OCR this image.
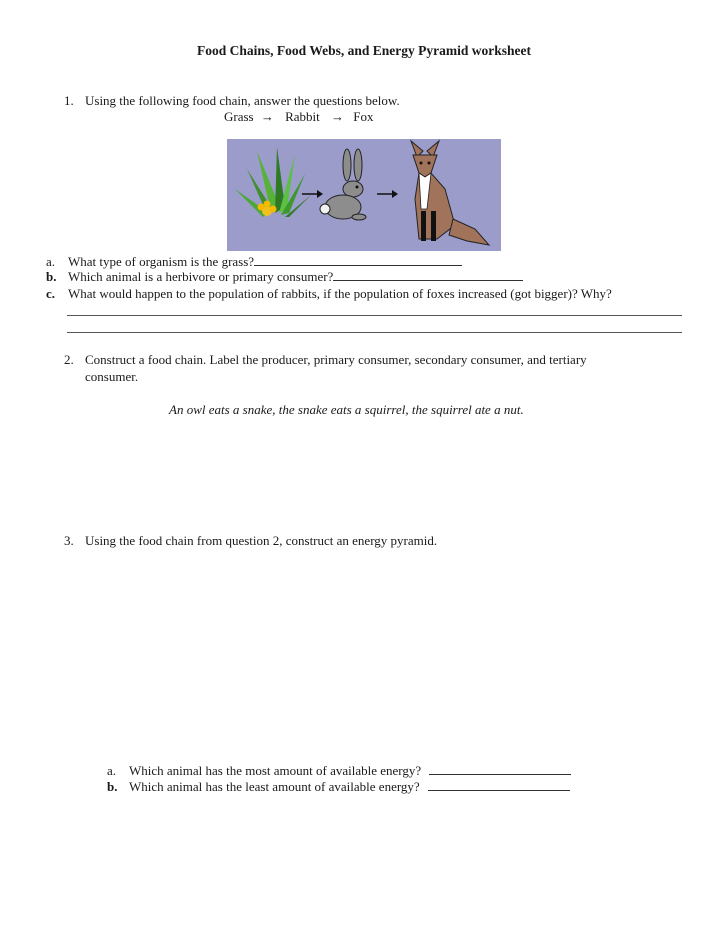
Food Chains, Food Webs, and Energy Pyramid worksheet
1. Using the following food chain, answer the questions below.
Grass → Rabbit → Fox
a. What type of organism is the grass?
b. Which animal is a herbivore or primary consumer?
c. What would happen to the population of rabbits, if the population of foxes increased (got bigger)? Why?
2. Construct a food chain. Label the producer, primary consumer, secondary consumer, and tertiary
consumer.
An owl eats a snake, the snake eats a squirrel, the squirrel ate a nut.
3. Using the food chain from question 2, construct an energy pyramid.
a. Which animal has the most amount of available energy?
b. Which animal has the least amount of available energy?
